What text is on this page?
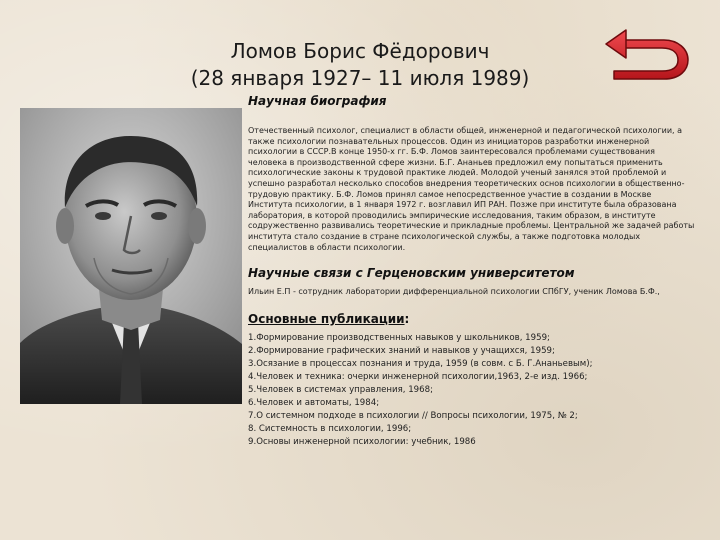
Ломов Борис Фёдорович
(28 января 1927– 11 июля 1989)

Научная биография

Отечественный психолог, специалист в области общей, инженерной и педагогической психологии, а также психологии познавательных процессов. Один из инициаторов разработки инженерной психологии в СССР.В конце 1950-х гг. Б.Ф. Ломов заинтересовался проблемами существования человека в производственной сфере жизни. Б.Г. Ананьев предложил ему попытаться применить психологические законы к трудовой практике людей. Молодой ученый занялся этой проблемой и успешно разработал несколько способов внедрения теоретических основ психологии в общественно-трудовую практику. Б.Ф. Ломов принял самое непосредственное участие в создании в Москве Института психологии, в 1 января 1972 г. возглавил ИП РАН. Позже при институте была образована лаборатория, в которой проводились эмпирические исследования, таким образом, в институте содружественно развивались теоретические и прикладные проблемы. Центральной же задачей работы института стало создание в стране психологической службы, а также подготовка молодых специалистов в области психологии.

Научные связи с Герценовским университетом

Ильин Е.П - сотрудник лаборатории дифференциальной психологии СПбГУ, ученик Ломова Б.Ф.,

Основные публикации:

1.Формирование производственных навыков у школьников, 1959;
2.Формирование графических знаний и навыков у учащихся, 1959;
3.Осязание в процессах познания и труда, 1959 (в совм. с Б. Г.Ананьевым);
4.Человек и техника: очерки инженерной психологии,1963, 2-е изд. 1966;
5.Человек в системах управления, 1968;
6.Человек и автоматы, 1984;
7.О системном подходе в психологии // Вопросы психологии, 1975, № 2;
8. Системность в психологии, 1996;
9.Основы инженерной психологии: учебник, 1986
